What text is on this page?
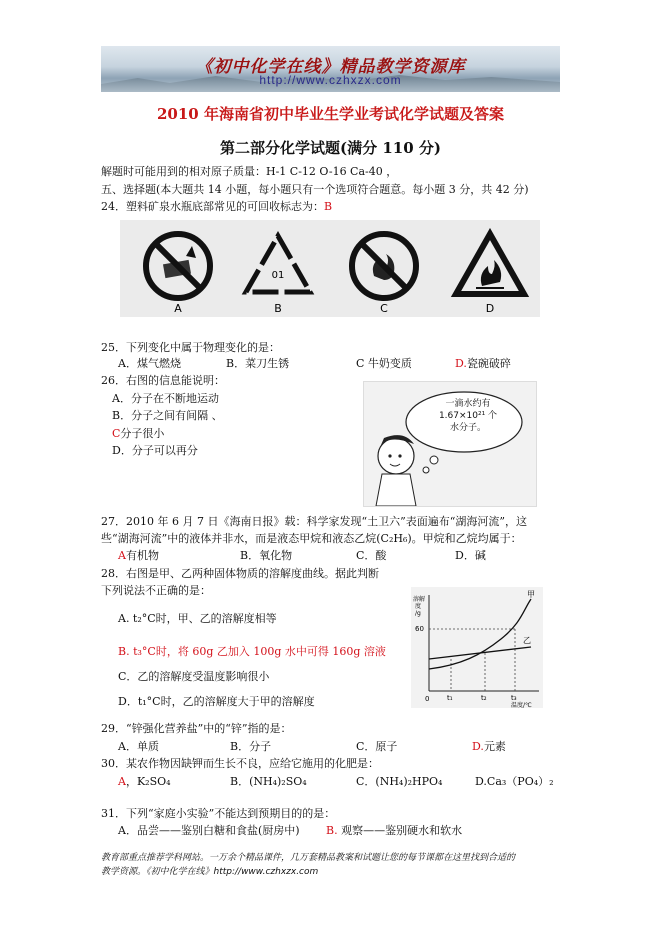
《初中化学在线》精品教学资源库
http://www.czhxzx.com
2010 年海南省初中毕业生学业考试化学试题及答案
第二部分化学试题(满分 110 分)
解题时可能用到的相对原子质量：H-1 C-12 O-16 Ca-40 ，
五、选择题(本大题共 14 小题，每小题只有一个选项符合题意。每小题 3 分，共 42 分)
24．塑料矿泉水瓶底部常见的可回收标志为：B
A
01
B	C	D
25．下列变化中属于物理变化的是：
A．煤气燃烧	B．菜刀生锈	C 牛奶变质	D.瓷碗破碎
26．右图的信息能说明：
A．分子在不断地运动
B．分子之间有间隔 、
C分子很小
D．分子可以再分
一滴水约有
1.67×10²¹ 个
水分子。
27．2010 年 6 月 7 日《海南日报》载：科学家发现“土卫六”表面遍布“湖海河流”，这
些“湖海河流”中的液体并非水，而是液态甲烷和液态乙烷(C₂H₆)。甲烷和乙烷均属于：
A有机物	B．氧化物	C．酸	D．碱
28．右图是甲、乙两种固体物质的溶解度曲线。据此判断
下列说法不正确的是：
A. t₂°C时，甲、乙的溶解度相等
B. t₃°C时，将 60g 乙加入 100g 水中可得 160g 溶液
C．乙的溶解度受温度影响很小
D．t₁°C时，乙的溶解度大于甲的溶解度
溶解
度
/g
60
0	t₁	t₂	t₃
温度/℃
甲
乙
29．“锌强化营养盐”中的“锌”指的是：
A．单质	B．分子	C．原子	D.元素
30．某农作物因缺钾而生长不良，应给它施用的化肥是：
A，K₂SO₄	B．(NH₄)₂SO₄	C．(NH₄)₂HPO₄	D.Ca₃（PO₄）₂
31．下列“家庭小实验”不能达到预期目的的是：
A．品尝——鉴别白糖和食盐(厨房中) B. 观察——鉴别硬水和软水
教育部重点推荐学科网站。一万余个精品课件，几万套精品教案和试题让您的每节课都在这里找到合适的
教学资源。《初中化学在线》http://www.czhxzx.com
